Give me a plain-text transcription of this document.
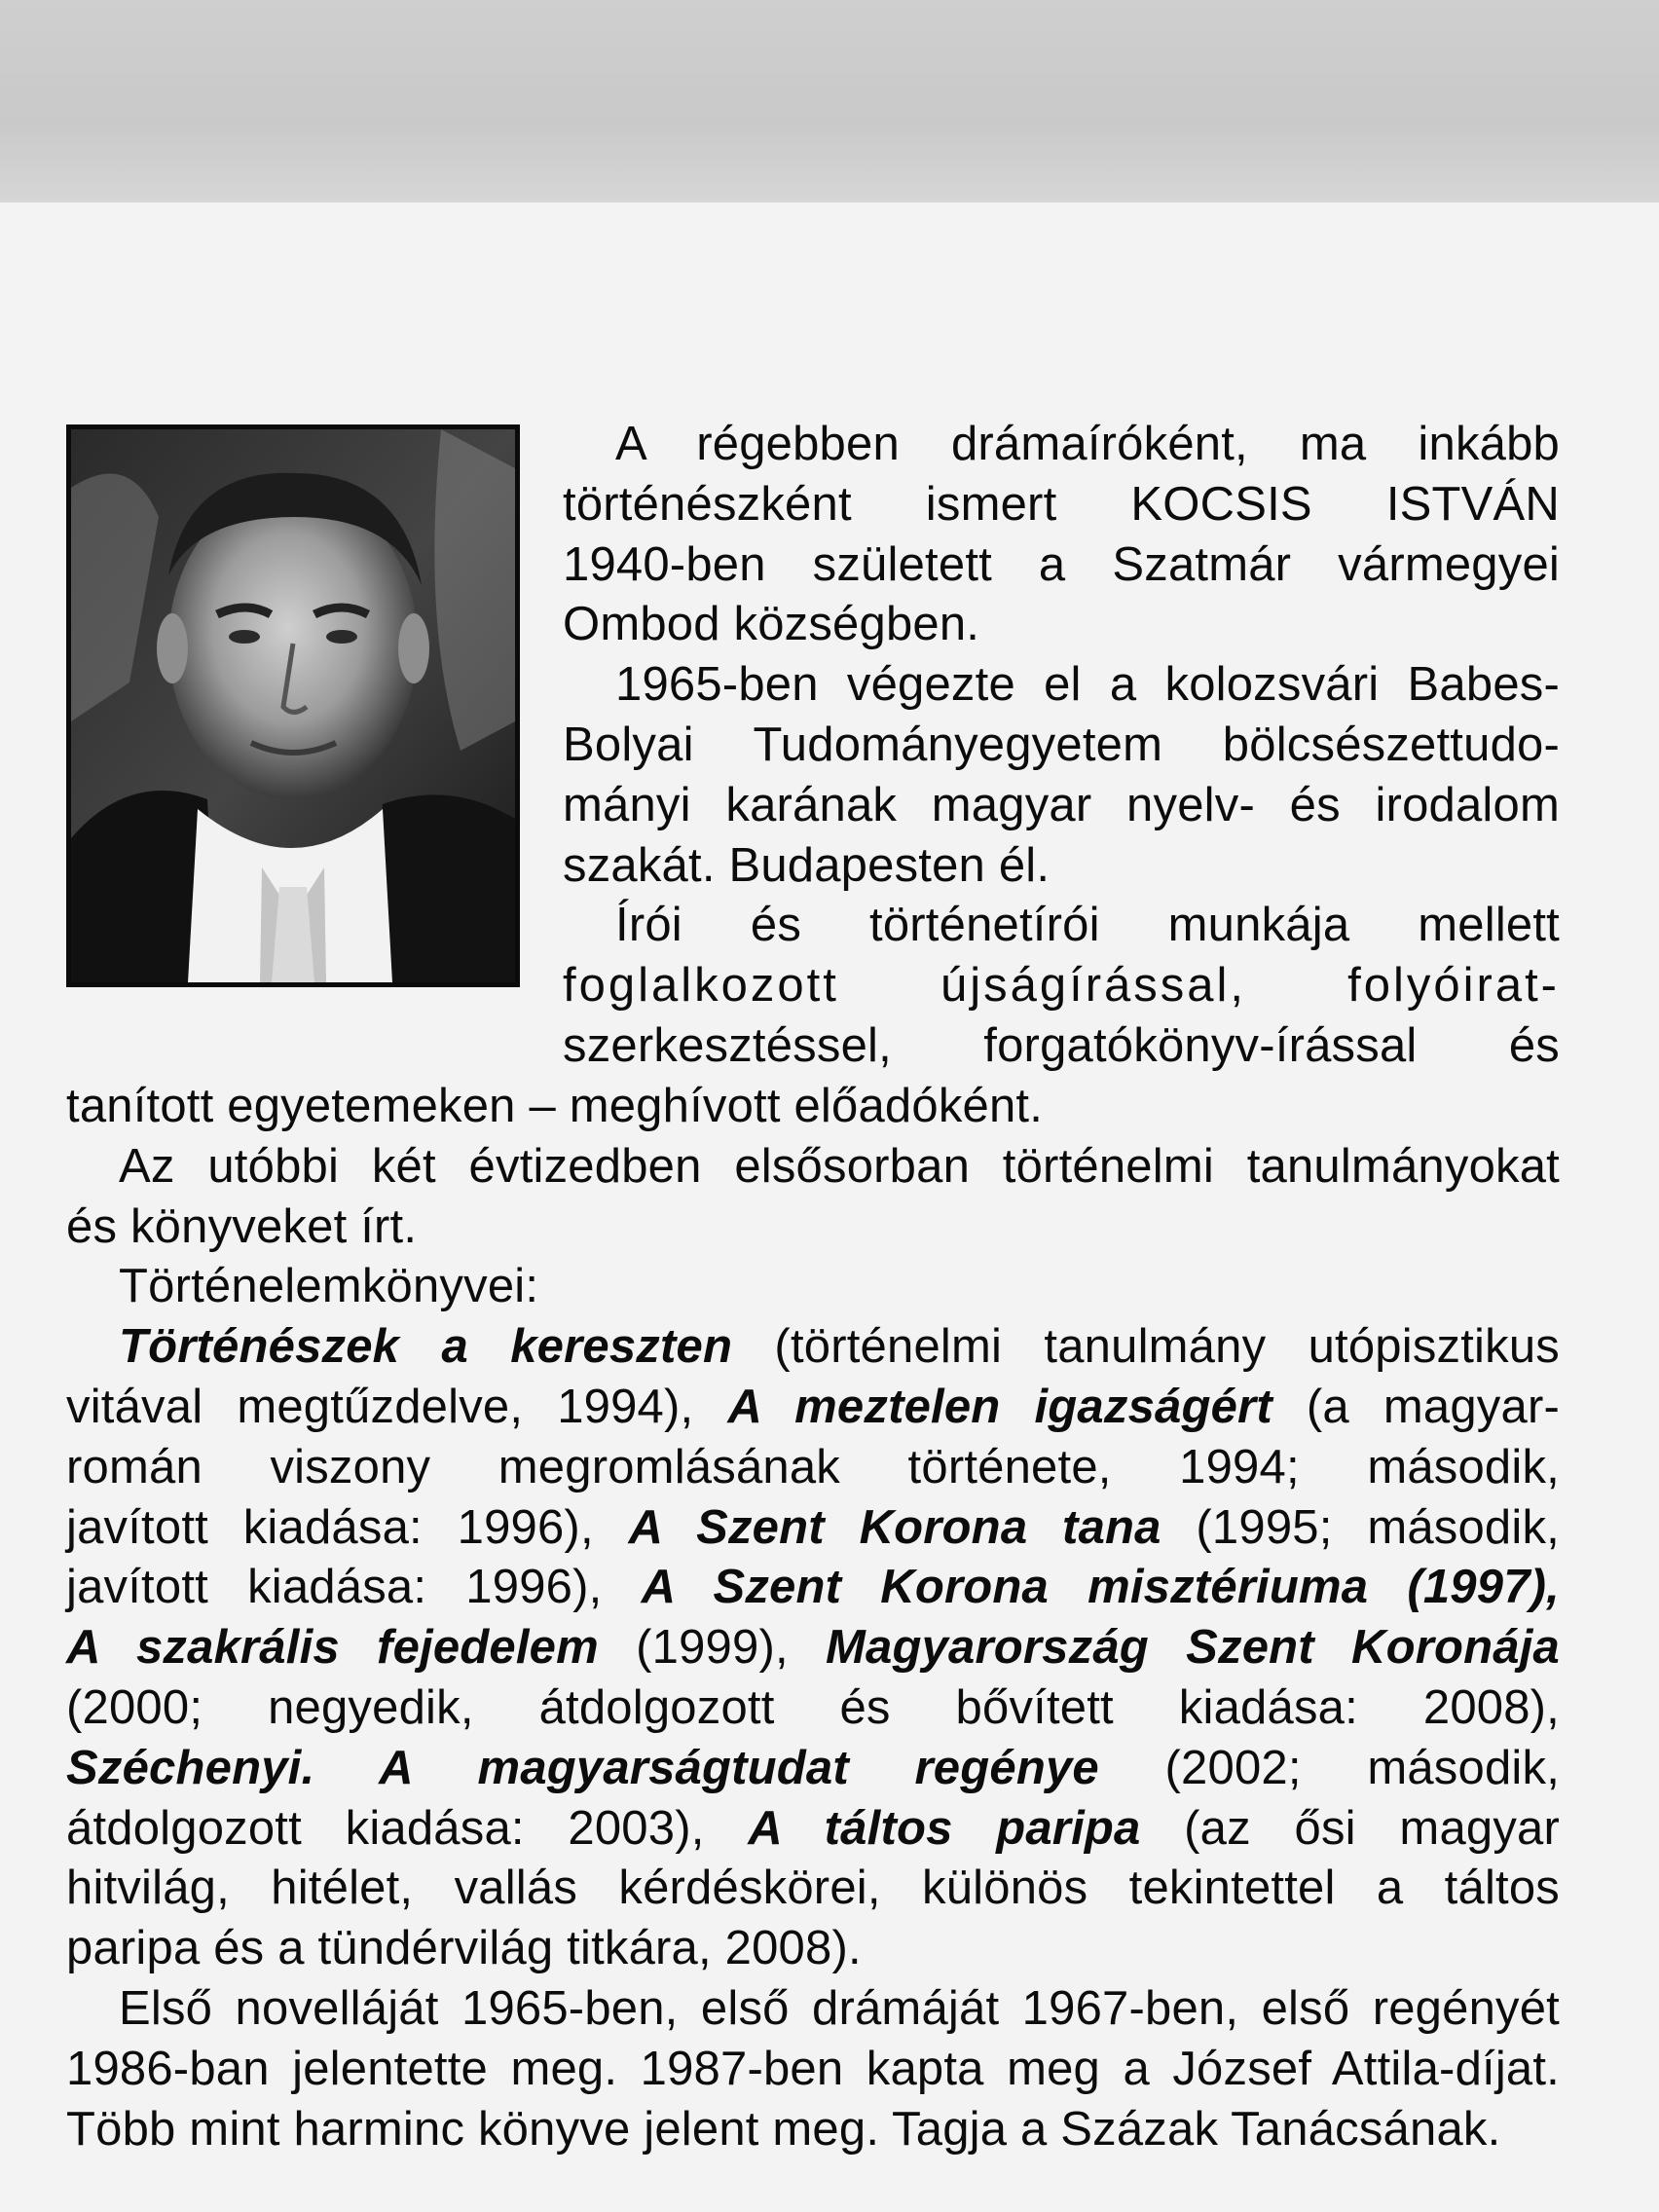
A régebben drámaíróként, ma inkább

történészként ismert KOCSIS ISTVÁN

1940-ben született a Szatmár vármegyei

Ombod községben.

1965-ben végezte el a kolozsvári Babes-

Bolyai Tudományegyetem bölcsészettudo-

mányi karának magyar nyelv- és irodalom

szakát. Budapesten él.

Írói és történetírói munkája mellett

foglalkozott újságírással, folyóirat-

szerkesztéssel, forgatókönyv-írással és

tanított egyetemeken – meghívott előadóként.

Az utóbbi két évtizedben elsősorban történelmi tanulmányokat

és könyveket írt.

Történelemkönyvei:

Történészek a kereszten (történelmi tanulmány utópisztikus

vitával megtűzdelve, 1994), A meztelen igazságért (a magyar-

román viszony megromlásának története, 1994; második,

javított kiadása: 1996), A Szent Korona tana (1995; második,

javított kiadása: 1996), A Szent Korona misztériuma (1997),

A szakrális fejedelem (1999), Magyarország Szent Koronája

(2000; negyedik, átdolgozott és bővített kiadása: 2008),

Széchenyi. A magyarságtudat regénye (2002; második,

átdolgozott kiadása: 2003), A táltos paripa (az ősi magyar

hitvilág, hitélet, vallás kérdéskörei, különös tekintettel a táltos

paripa és a tündérvilág titkára, 2008).

Első novelláját 1965-ben, első drámáját 1967-ben, első regényét

1986-ban jelentette meg. 1987-ben kapta meg a József Attila-díjat.

Több mint harminc könyve jelent meg. Tagja a Százak Tanácsának.
